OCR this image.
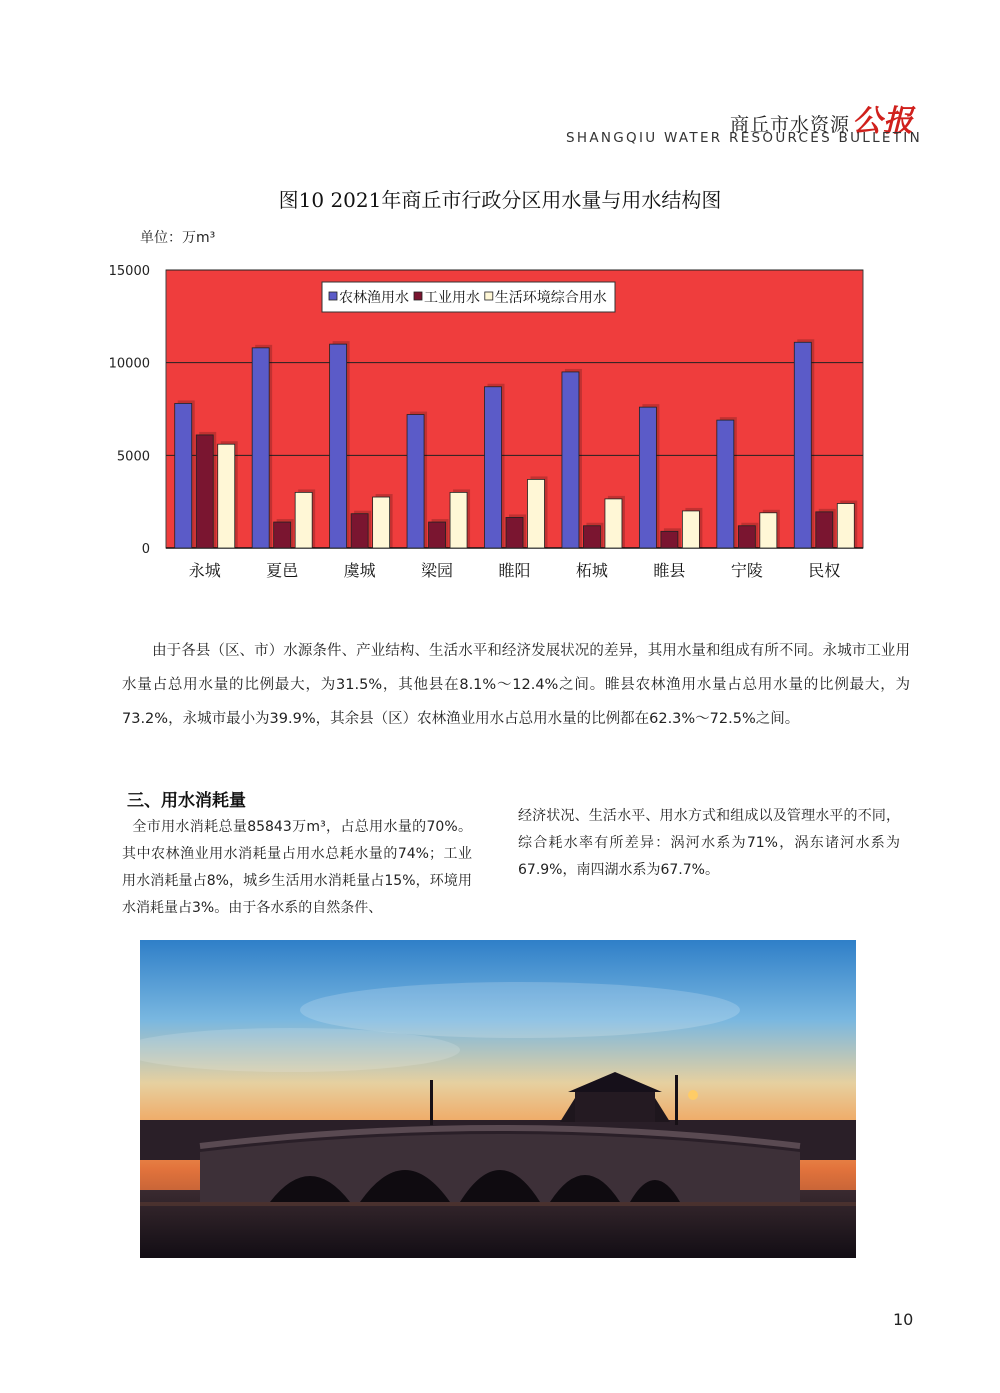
商丘市水资源公报
SHANGQIU WATER RESOURCES BULLETIN
图10 2021年商丘市行政分区用水量与用水结构图
单位：万m³
0
5000
10000
15000
永城	夏邑	虞城	梁园	睢阳	柘城	睢县	宁陵	民权
农林渔用水 工业用水 生活环境综合用水
由于各县（区、市）水源条件、产业结构、生活水平和经济发展状况的差异，其用水量和组成有所不同。永城市工业用水量占总用水量的比例最大，为31.5%，其他县在8.1%～12.4%之间。睢县农林渔用水量占总用水量的比例最大，为73.2%，永城市最小为39.9%，其余县（区）农林渔业用水占总用水量的比例都在62.3%～72.5%之间。
三、用水消耗量
全市用水消耗总量85843万m³，占总用水量的70%。其中农林渔业用水消耗量占用水总耗水量的74%；工业用水消耗量占8%，城乡生活用水消耗量占15%，环境用水消耗量占3%。由于各水系的自然条件、
经济状况、生活水平、用水方式和组成以及管理水平的不同，综合耗水率有所差异：涡河水系为71%，涡东诸河水系为67.9%，南四湖水系为67.7%。
10
